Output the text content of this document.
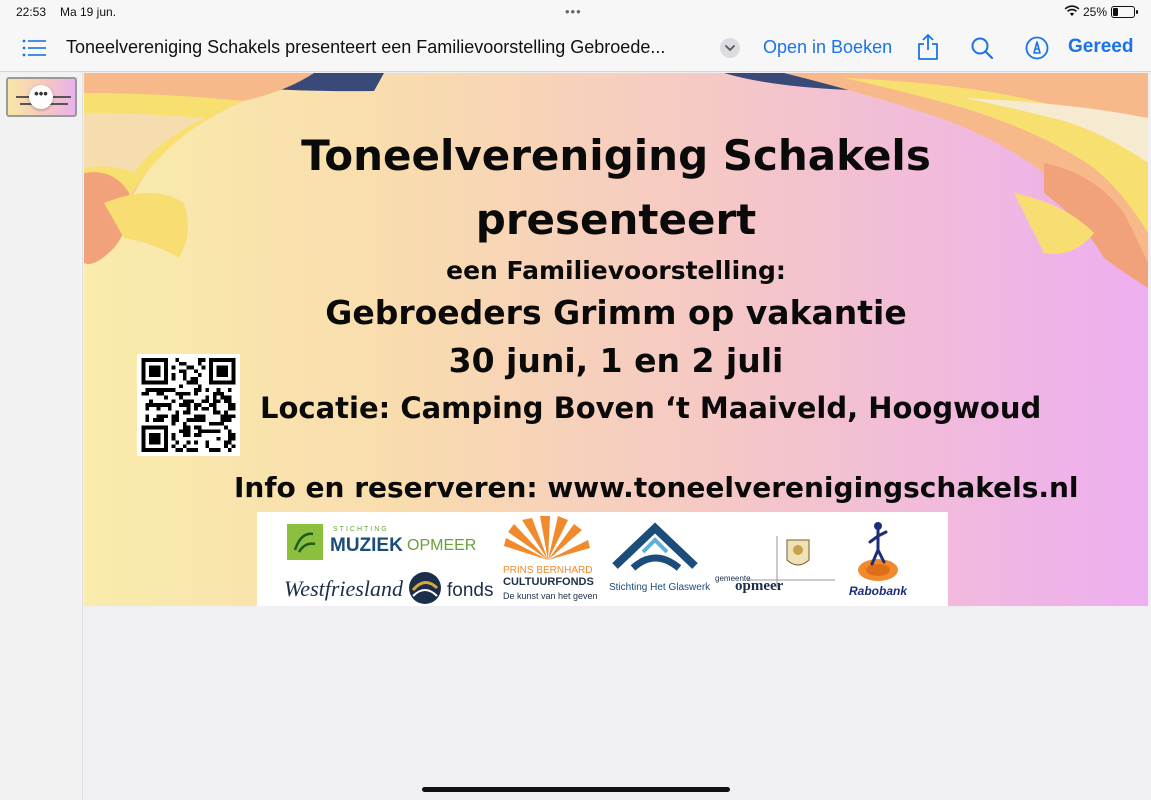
22:53 Ma 19 jun.	•••	25%
Toneelvereniging Schakels presenteert een Familievoorstelling Gebroede...	Open in Boeken	Gereed
•••
Toneelvereniging Schakels
presenteert
een Familievoorstelling:
Gebroeders Grimm op vakantie
30 juni, 1 en 2 juli
Locatie: Camping Boven ‘t Maaiveld, Hoogwoud
Info en reserveren: www.toneelverenigingschakels.nl
STICHTING
MUZIEK OPMEER
Westfriesland fonds
PRINS BERNHARD
CULTUURFONDS
De kunst van het geven
Stichting Het Glaswerk
gemeente
opmeer	Rabobank
